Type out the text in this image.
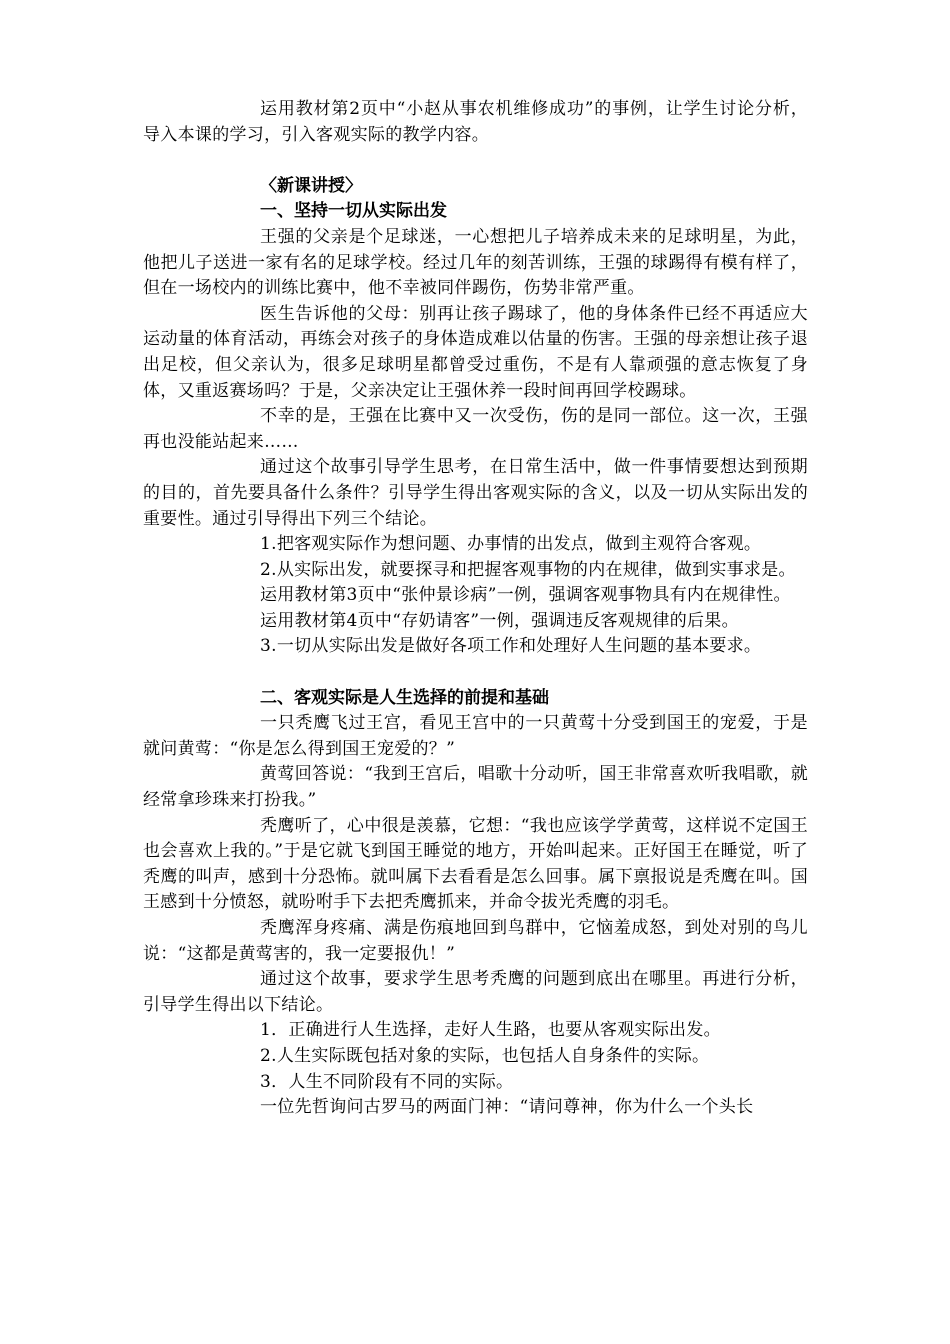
运用教材第2页中“小赵从事农机维修成功”的事例，让学生讨论分析，导入本课的学习，引入客观实际的教学内容。

〈新课讲授〉

一、坚持一切从实际出发

王强的父亲是个足球迷，一心想把儿子培养成未来的足球明星，为此，他把儿子送进一家有名的足球学校。经过几年的刻苦训练，王强的球踢得有模有样了，但在一场校内的训练比赛中，他不幸被同伴踢伤，伤势非常严重。

医生告诉他的父母：别再让孩子踢球了，他的身体条件已经不再适应大运动量的体育活动，再练会对孩子的身体造成难以估量的伤害。王强的母亲想让孩子退出足校，但父亲认为，很多足球明星都曾受过重伤，不是有人靠顽强的意志恢复了身体，又重返赛场吗？于是，父亲决定让王强休养一段时间再回学校踢球。

不幸的是，王强在比赛中又一次受伤，伤的是同一部位。这一次，王强再也没能站起来……

通过这个故事引导学生思考，在日常生活中，做一件事情要想达到预期的目的，首先要具备什么条件？引导学生得出客观实际的含义，以及一切从实际出发的重要性。通过引导得出下列三个结论。

1.把客观实际作为想问题、办事情的出发点，做到主观符合客观。

2.从实际出发，就要探寻和把握客观事物的内在规律，做到实事求是。

运用教材第3页中“张仲景诊病”一例，强调客观事物具有内在规律性。

运用教材第4页中“存奶请客”一例，强调违反客观规律的后果。

3.一切从实际出发是做好各项工作和处理好人生问题的基本要求。

二、客观实际是人生选择的前提和基础

一只秃鹰飞过王宫，看见王宫中的一只黄莺十分受到国王的宠爱，于是就问黄莺：“你是怎么得到国王宠爱的？”

黄莺回答说：“我到王宫后，唱歌十分动听，国王非常喜欢听我唱歌，就经常拿珍珠来打扮我。”

秃鹰听了，心中很是羡慕，它想：“我也应该学学黄莺，这样说不定国王也会喜欢上我的。”于是它就飞到国王睡觉的地方，开始叫起来。正好国王在睡觉，听了秃鹰的叫声，感到十分恐怖。就叫属下去看看是怎么回事。属下禀报说是秃鹰在叫。国王感到十分愤怒，就吩咐手下去把秃鹰抓来，并命令拔光秃鹰的羽毛。

秃鹰浑身疼痛、满是伤痕地回到鸟群中，它恼羞成怒，到处对别的鸟儿说：“这都是黄莺害的，我一定要报仇！”

通过这个故事，要求学生思考秃鹰的问题到底出在哪里。再进行分析，引导学生得出以下结论。

1．正确进行人生选择，走好人生路，也要从客观实际出发。

2.人生实际既包括对象的实际，也包括人自身条件的实际。

3．人生不同阶段有不同的实际。

一位先哲询问古罗马的两面门神：“请问尊神，你为什么一个头长
